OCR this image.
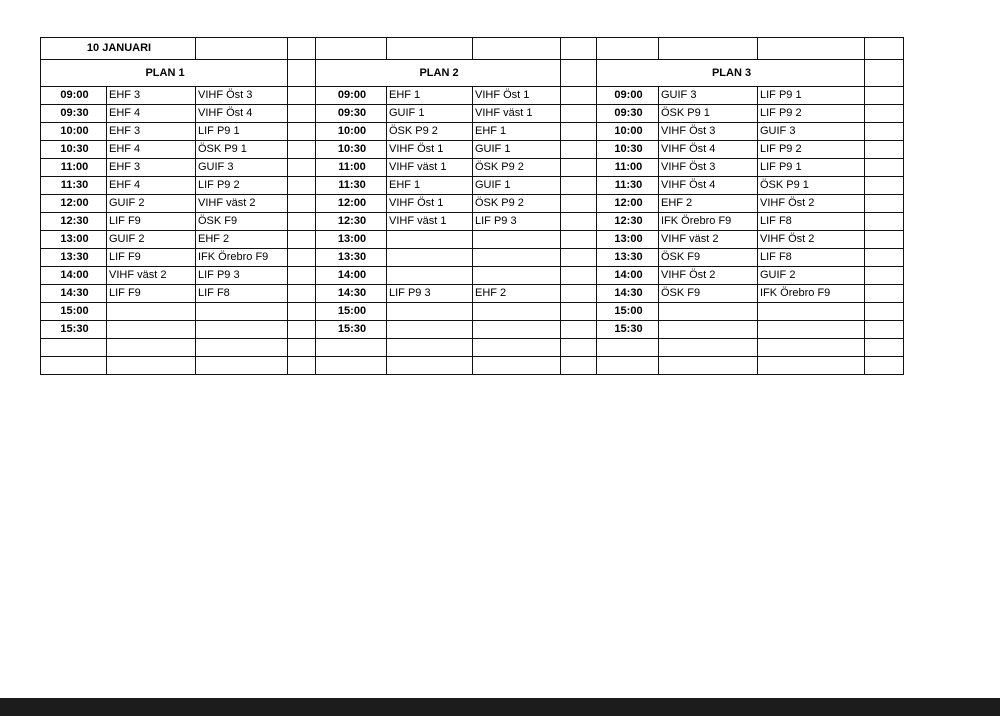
10 JANUARI											
PLAN 1				PLAN 2				PLAN 3			
09:00	EHF 3	VIHF Öst 3		09:00	EHF 1	VIHF Öst 1		09:00	GUIF 3	LIF P9 1	
09:30	EHF 4	VIHF Öst 4		09:30	GUIF 1	VIHF väst 1		09:30	ÖSK P9 1	LIF P9 2	
10:00	EHF 3	LIF P9 1		10:00	ÖSK P9 2	EHF 1		10:00	VIHF Öst 3	GUIF 3	
10:30	EHF 4	ÖSK P9 1		10:30	VIHF Öst 1	GUIF 1		10:30	VIHF Öst 4	LIF P9 2	
11:00	EHF 3	GUIF 3		11:00	VIHF väst 1	ÖSK P9 2		11:00	VIHF Öst 3	LIF P9 1	
11:30	EHF 4	LIF P9 2		11:30	EHF 1	GUIF 1		11:30	VIHF Öst 4	ÖSK P9 1	
12:00	GUIF 2	VIHF väst 2		12:00	VIHF Öst 1	ÖSK P9 2		12:00	EHF 2	VIHF Öst 2	
12:30	LIF F9	ÖSK F9		12:30	VIHF väst 1	LIF P9 3		12:30	IFK Örebro F9	LIF F8	
13:00	GUIF 2	EHF 2		13:00				13:00	VIHF väst 2	VIHF Öst 2	
13:30	LIF F9	IFK Örebro F9		13:30				13:30	ÖSK F9	LIF F8	
14:00	VIHF väst 2	LIF P9 3		14:00				14:00	VIHF Öst 2	GUIF 2	
14:30	LIF F9	LIF F8		14:30	LIF P9 3	EHF 2		14:30	ÖSK F9	IFK Örebro F9	
15:00				15:00				15:00			
15:30				15:30				15:30			
